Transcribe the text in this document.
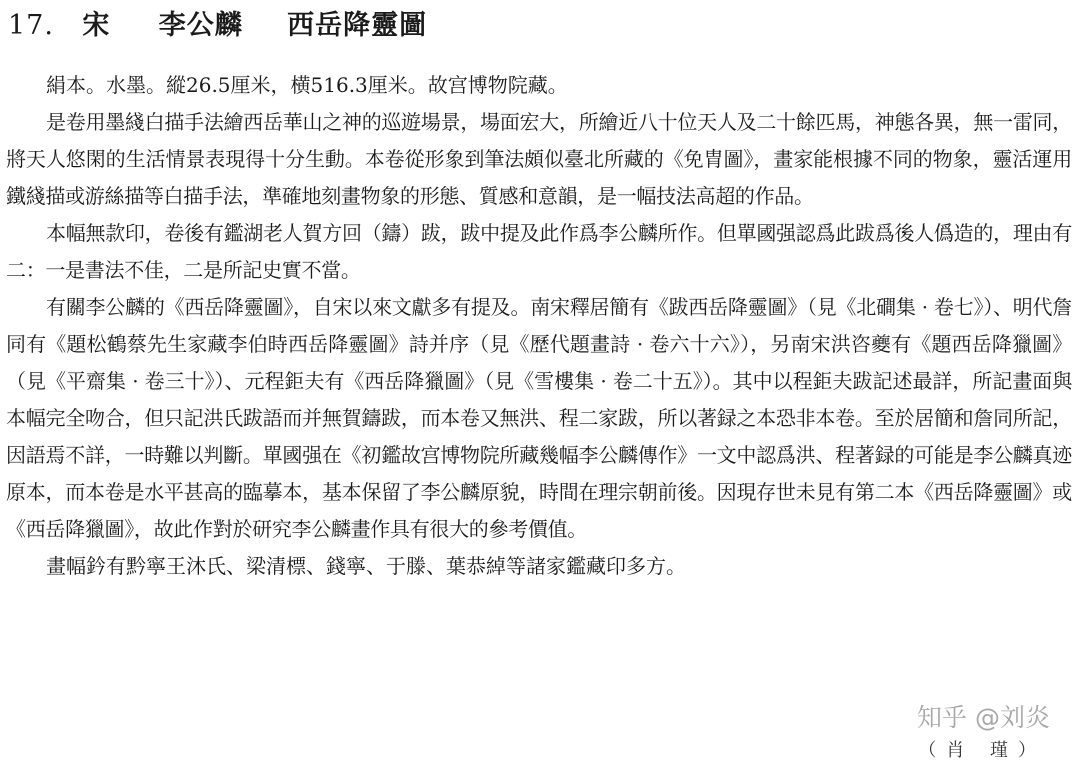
17. 宋 李公麟 西岳降靈圖

絹本。水墨。縱26.5厘米，横516.3厘米。故宫博物院藏。

是卷用墨綫白描手法繪西岳華山之神的巡遊場景，場面宏大，所繪近八十位天人及二十餘匹馬，神態各異，無一雷同，將天人悠閑的生活情景表現得十分生動。本卷從形象到筆法頗似臺北所藏的《免胄圖》，畫家能根據不同的物象，靈活運用鐵綫描或游絲描等白描手法，準確地刻畫物象的形態、質感和意韻，是一幅技法高超的作品。

本幅無款印，卷後有鑑湖老人賀方回（鑄）跋，跋中提及此作爲李公麟所作。但單國强認爲此跋爲後人僞造的，理由有二：一是書法不佳，二是所記史實不當。

有關李公麟的《西岳降靈圖》，自宋以來文獻多有提及。南宋釋居簡有《跋西岳降靈圖》（見《北磵集 · 卷七》）、明代詹同有《題松鶴蔡先生家藏李伯時西岳降靈圖》詩并序（見《歷代題畫詩 · 卷六十六》），另南宋洪咨夔有《題西岳降獵圖》（見《平齋集 · 卷三十》）、元程鉅夫有《西岳降獵圖》（見《雪樓集 · 卷二十五》）。其中以程鉅夫跋記述最詳，所記畫面與本幅完全吻合，但只記洪氏跋語而并無賀鑄跋，而本卷又無洪、程二家跋，所以著録之本恐非本卷。至於居簡和詹同所記，因語焉不詳，一時難以判斷。單國强在《初鑑故宫博物院所藏幾幅李公麟傳作》一文中認爲洪、程著録的可能是李公麟真迹原本，而本卷是水平甚高的臨摹本，基本保留了李公麟原貌，時間在理宗朝前後。因現存世未見有第二本《西岳降靈圖》或《西岳降獵圖》，故此作對於研究李公麟畫作具有很大的參考價值。

畫幅鈐有黔寧王沐氏、梁清標、錢寧、于滕、葉恭綽等諸家鑑藏印多方。

知乎 @刘炎
（肖 瑾）
